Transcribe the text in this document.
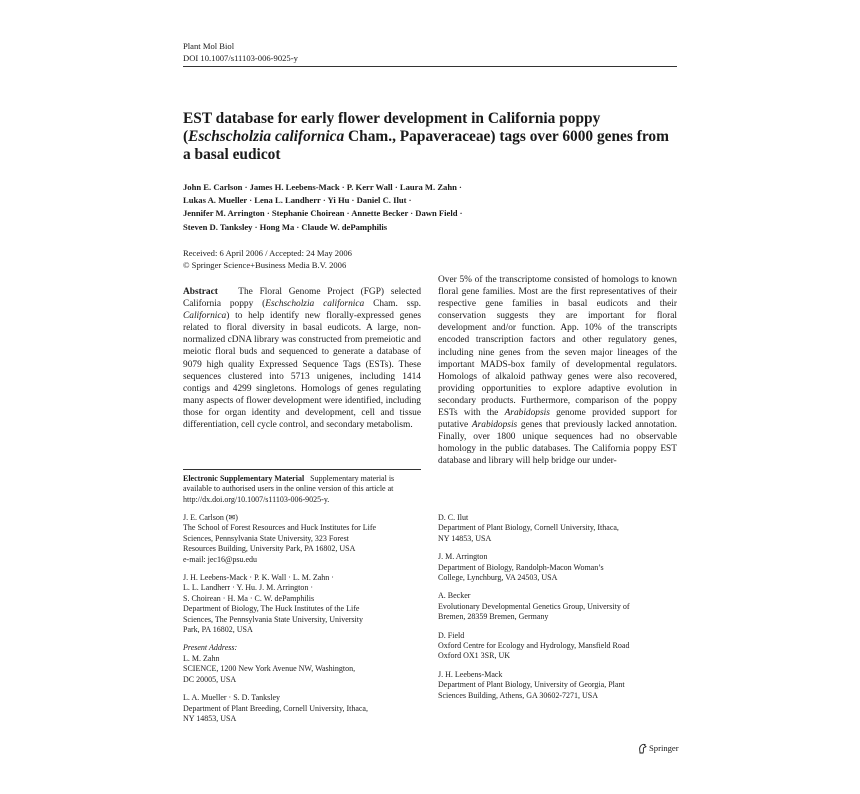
Plant Mol Biol
DOI 10.1007/s11103-006-9025-y
EST database for early flower development in California poppy (Eschscholzia californica Cham., Papaveraceae) tags over 6000 genes from a basal eudicot
John E. Carlson · James H. Leebens-Mack · P. Kerr Wall · Laura M. Zahn ·
Lukas A. Mueller · Lena L. Landherr · Yi Hu · Daniel C. Ilut ·
Jennifer M. Arrington · Stephanie Choirean · Annette Becker · Dawn Field ·
Steven D. Tanksley · Hong Ma · Claude W. dePamphilis
Received: 6 April 2006 / Accepted: 24 May 2006
© Springer Science+Business Media B.V. 2006

Abstract The Floral Genome Project (FGP) selected California poppy (Eschscholzia californica Cham. ssp. Californica) to help identify new florally-expressed genes related to floral diversity in basal eudicots. A large, non-normalized cDNA library was constructed from premeiotic and meiotic floral buds and sequenced to generate a database of 9079 high quality Expressed Sequence Tags (ESTs). These sequences clustered into 5713 unigenes, including 1414 contigs and 4299 singletons. Homologs of genes regulating many aspects of flower development were identified, including those for organ identity and development, cell and tissue differentiation, cell cycle control, and secondary metabolism.

Over 5% of the transcriptome consisted of homologs to known floral gene families. Most are the first representatives of their respective gene families in basal eudicots and their conservation suggests they are important for floral development and/or function. App. 10% of the transcripts encoded transcription factors and other regulatory genes, including nine genes from the seven major lineages of the important MADS-box family of developmental regulators. Homologs of alkaloid pathway genes were also recovered, providing opportunities to explore adaptive evolution in secondary products. Furthermore, comparison of the poppy ESTs with the Arabidopsis genome provided support for putative Arabidopsis genes that previously lacked annotation. Finally, over 1800 unique sequences had no observable homology in the public databases. The California poppy EST database and library will help bridge our under-

Electronic Supplementary Material Supplementary material is available to authorised users in the online version of this article at http://dx.doi.org/10.1007/s11103-006-9025-y.
J. E. Carlson (✉)
The School of Forest Resources and Huck Institutes for Life
Sciences, Pennsylvania State University, 323 Forest
Resources Building, University Park, PA 16802, USA
e-mail: jec16@psu.edu
J. H. Leebens-Mack · P. K. Wall · L. M. Zahn ·
L. L. Landherr · Y. Hu. J. M. Arrington ·
S. Choirean · H. Ma · C. W. dePamphilis
Department of Biology, The Huck Institutes of the Life
Sciences, The Pennsylvania State University, University
Park, PA 16802, USA
Present Address:
L. M. Zahn
SCIENCE, 1200 New York Avenue NW, Washington,
DC 20005, USA
L. A. Mueller · S. D. Tanksley
Department of Plant Breeding, Cornell University, Ithaca,
NY 14853, USA
D. C. Ilut
Department of Plant Biology, Cornell University, Ithaca,
NY 14853, USA
J. M. Arrington
Department of Biology, Randolph-Macon Woman’s
College, Lynchburg, VA 24503, USA
A. Becker
Evolutionary Developmental Genetics Group, University of
Bremen, 28359 Bremen, Germany
D. Field
Oxford Centre for Ecology and Hydrology, Mansfield Road
Oxford OX1 3SR, UK
J. H. Leebens-Mack
Department of Plant Biology, University of Georgia, Plant
Sciences Building, Athens, GA 30602-7271, USA
Springer
